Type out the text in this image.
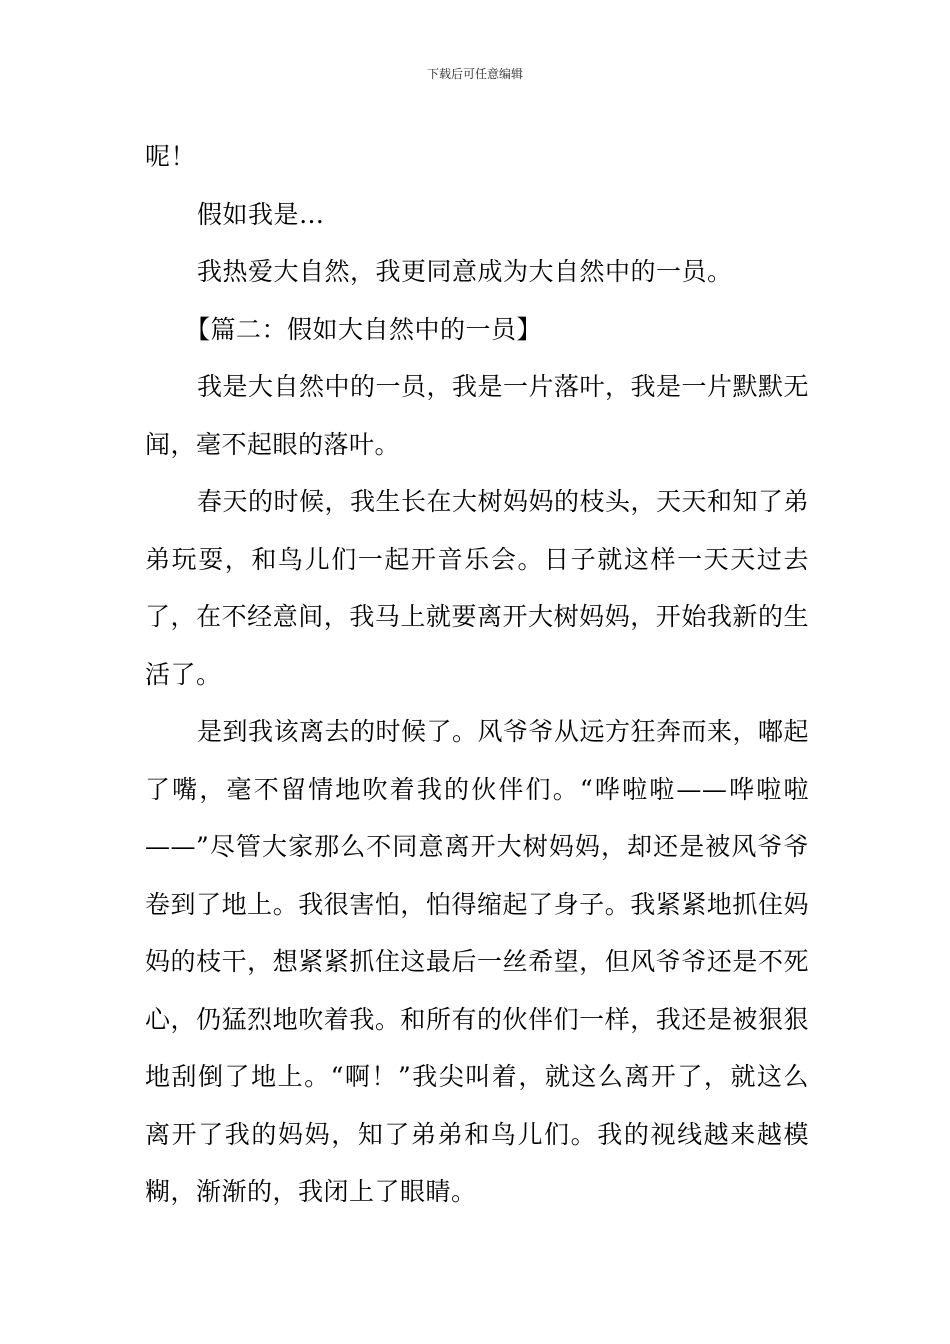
下载后可任意编辑

呢！

假如我是…

我热爱大自然，我更同意成为大自然中的一员。

【篇二：假如大自然中的一员】

我是大自然中的一员，我是一片落叶，我是一片默默无闻，毫不起眼的落叶。

春天的时候，我生长在大树妈妈的枝头，天天和知了弟弟玩耍，和鸟儿们一起开音乐会。日子就这样一天天过去了，在不经意间，我马上就要离开大树妈妈，开始我新的生活了。

是到我该离去的时候了。风爷爷从远方狂奔而来，嘟起了嘴，毫不留情地吹着我的伙伴们。“哗啦啦——哗啦啦——”尽管大家那么不同意离开大树妈妈，却还是被风爷爷卷到了地上。我很害怕，怕得缩起了身子。我紧紧地抓住妈妈的枝干，想紧紧抓住这最后一丝希望，但风爷爷还是不死心，仍猛烈地吹着我。和所有的伙伴们一样，我还是被狠狠地刮倒了地上。“啊！”我尖叫着，就这么离开了，就这么离开了我的妈妈，知了弟弟和鸟儿们。我的视线越来越模糊，渐渐的，我闭上了眼睛。
